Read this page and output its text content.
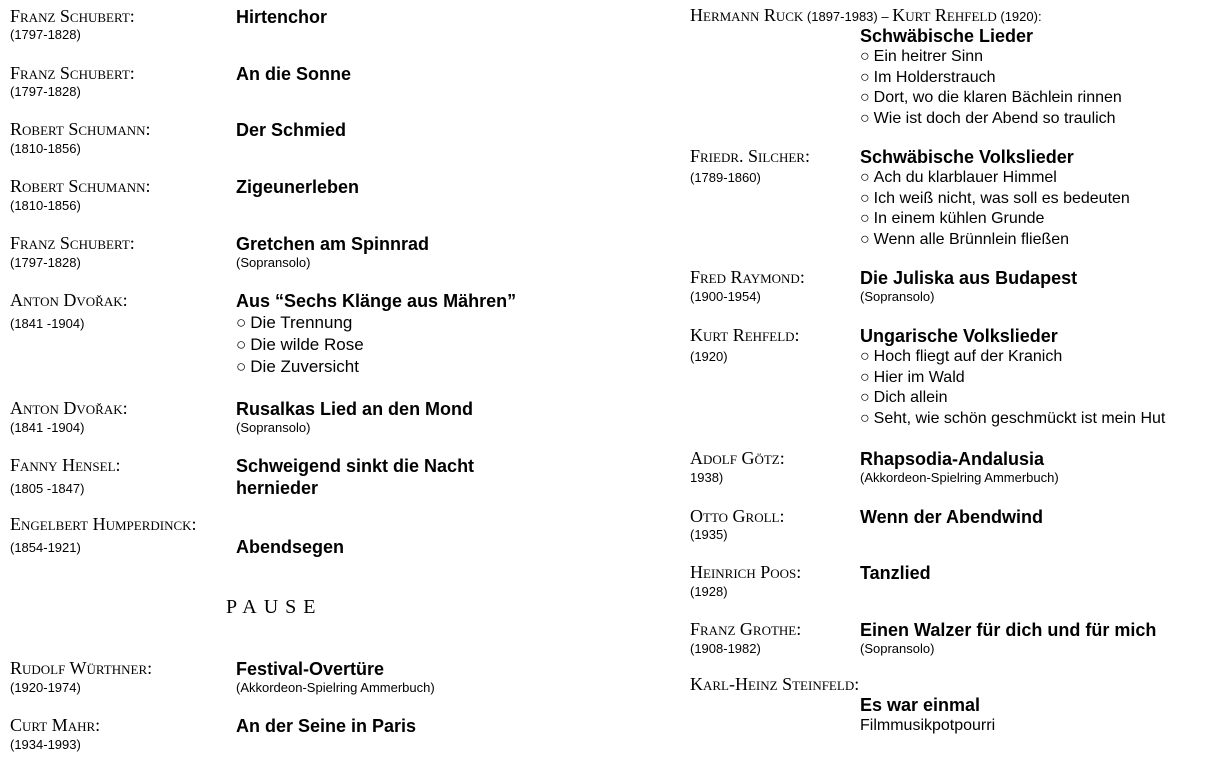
Franz Schubert:
(1797-1828)
Hirtenchor
Franz Schubert:
(1797-1828)
An die Sonne
Robert Schumann:
(1810-1856)
Der Schmied
Robert Schumann:
(1810-1856)
Zigeunerleben
Franz Schubert:
(1797-1828)
Gretchen am Spinnrad
(Sopransolo)
Anton Dvořak:
(1841 -1904)
Aus “Sechs Klänge aus Mähren”
○ Die Trennung
○ Die wilde Rose
○ Die Zuversicht
Anton Dvořak:
(1841 -1904)
Rusalkas Lied an den Mond
(Sopransolo)
Fanny Hensel:
(1805 -1847)
Schweigend sinkt die Nacht
hernieder
Engelbert Humperdinck:
(1854-1921)	Abendsegen
Rudolf Würthner:
(1920-1974)
Festival-Overtüre
(Akkordeon-Spielring Ammerbuch)
Curt Mahr:
(1934-1993)
An der Seine in Paris
PAUSE
Hermann Ruck (1897-1983) – Kurt Rehfeld (1920):
Schwäbische Lieder
○ Ein heitrer Sinn
○ Im Holderstrauch
○ Dort, wo die klaren Bächlein rinnen
○ Wie ist doch der Abend so traulich
Friedr. Silcher:
(1789-1860)
Schwäbische Volkslieder
○ Ach du klarblauer Himmel
○ Ich weiß nicht, was soll es bedeuten
○ In einem kühlen Grunde
○ Wenn alle Brünnlein fließen
Fred Raymond:
(1900-1954)
Die Juliska aus Budapest
(Sopransolo)
Kurt Rehfeld:
(1920)
Ungarische Volkslieder
○ Hoch fliegt auf der Kranich
○ Hier im Wald
○ Dich allein
○ Seht, wie schön geschmückt ist mein Hut
Adolf Götz:
1938)
Rhapsodia-Andalusia
(Akkordeon-Spielring Ammerbuch)
Otto Groll:
(1935)
Wenn der Abendwind
Heinrich Poos:
(1928)
Tanzlied
Franz Grothe:
(1908-1982)
Einen Walzer für dich und für mich
(Sopransolo)
Karl-Heinz Steinfeld:
Es war einmal
Filmmusikpotpourri
